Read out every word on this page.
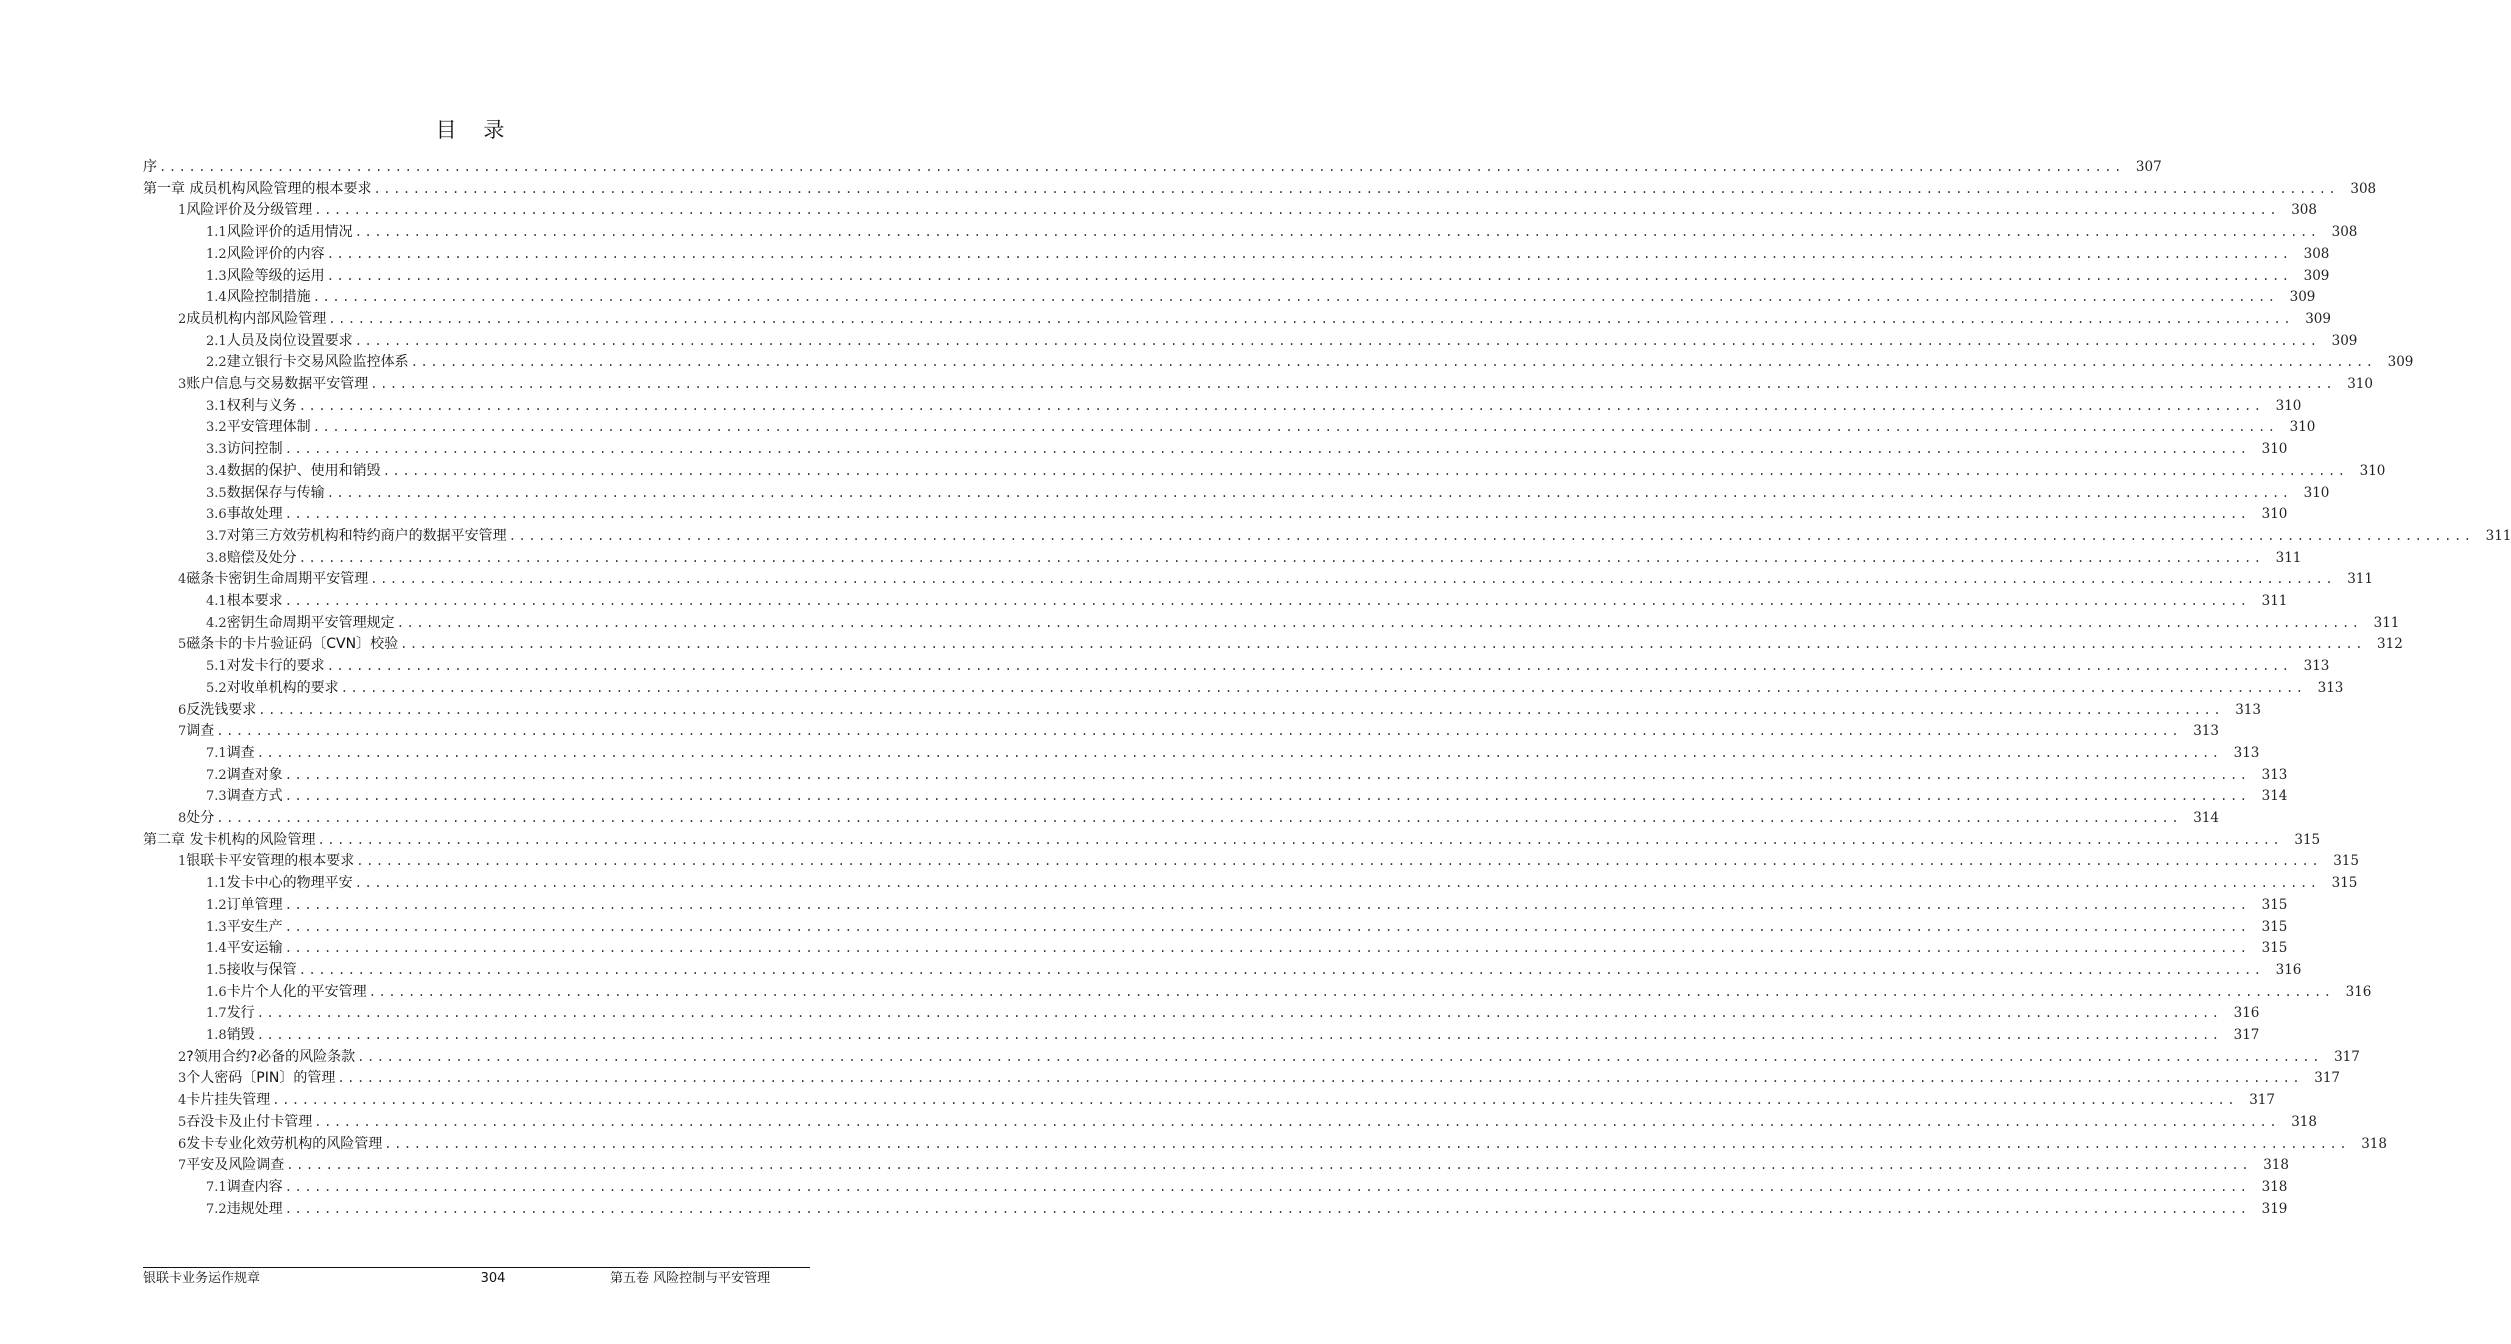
目 录
序 ........................................................................................................................................................................................................ 307
第一章 成员机构风险管理的根本要求 ........................................................................................................................................................................................................ 308
1 风险评价及分级管理 ........................................................................................................................................................................................................ 308
1.1 风险评价的适用情况 ........................................................................................................................................................................................................ 308
1.2 风险评价的内容 ........................................................................................................................................................................................................ 308
1.3 风险等级的运用 ........................................................................................................................................................................................................ 309
1.4 风险控制措施 ........................................................................................................................................................................................................ 309
2 成员机构内部风险管理 ........................................................................................................................................................................................................ 309
2.1 人员及岗位设置要求 ........................................................................................................................................................................................................ 309
2.2 建立银行卡交易风险监控体系 ........................................................................................................................................................................................................ 309
3 账户信息与交易数据平安管理 ........................................................................................................................................................................................................ 310
3.1 权利与义务 ........................................................................................................................................................................................................ 310
3.2 平安管理体制 ........................................................................................................................................................................................................ 310
3.3 访问控制 ........................................................................................................................................................................................................ 310
3.4 数据的保护、使用和销毁 ........................................................................................................................................................................................................ 310
3.5 数据保存与传输 ........................................................................................................................................................................................................ 310
3.6 事故处理 ........................................................................................................................................................................................................ 310
3.7 对第三方效劳机构和特约商户的数据平安管理 ........................................................................................................................................................................................................ 311
3.8 赔偿及处分 ........................................................................................................................................................................................................ 311
4 磁条卡密钥生命周期平安管理 ........................................................................................................................................................................................................ 311
4.1 根本要求 ........................................................................................................................................................................................................ 311
4.2 密钥生命周期平安管理规定 ........................................................................................................................................................................................................ 311
5 磁条卡的卡片验证码〔CVN〕校验 ........................................................................................................................................................................................................ 312
5.1 对发卡行的要求 ........................................................................................................................................................................................................ 313
5.2 对收单机构的要求 ........................................................................................................................................................................................................ 313
6 反洗钱要求 ........................................................................................................................................................................................................ 313
7 调查 ........................................................................................................................................................................................................ 313
7.1 调查 ........................................................................................................................................................................................................ 313
7.2 调查对象 ........................................................................................................................................................................................................ 313
7.3 调查方式 ........................................................................................................................................................................................................ 314
8 处分 ........................................................................................................................................................................................................ 314
第二章 发卡机构的风险管理 ........................................................................................................................................................................................................ 315
1 银联卡平安管理的根本要求 ........................................................................................................................................................................................................ 315
1.1 发卡中心的物理平安 ........................................................................................................................................................................................................ 315
1.2 订单管理 ........................................................................................................................................................................................................ 315
1.3 平安生产 ........................................................................................................................................................................................................ 315
1.4 平安运输 ........................................................................................................................................................................................................ 315
1.5 接收与保管 ........................................................................................................................................................................................................ 316
1.6 卡片个人化的平安管理 ........................................................................................................................................................................................................ 316
1.7 发行 ........................................................................................................................................................................................................ 316
1.8 销毁 ........................................................................................................................................................................................................ 317
2 ?领用合约?必备的风险条款 ........................................................................................................................................................................................................ 317
3 个人密码〔PIN〕的管理 ........................................................................................................................................................................................................ 317
4 卡片挂失管理 ........................................................................................................................................................................................................ 317
5 吞没卡及止付卡管理 ........................................................................................................................................................................................................ 318
6 发卡专业化效劳机构的风险管理 ........................................................................................................................................................................................................ 318
7 平安及风险调查 ........................................................................................................................................................................................................ 318
7.1 调查内容 ........................................................................................................................................................................................................ 318
7.2 违规处理 ........................................................................................................................................................................................................ 319
银联卡业务运作规章	304	第五卷 风险控制与平安管理
